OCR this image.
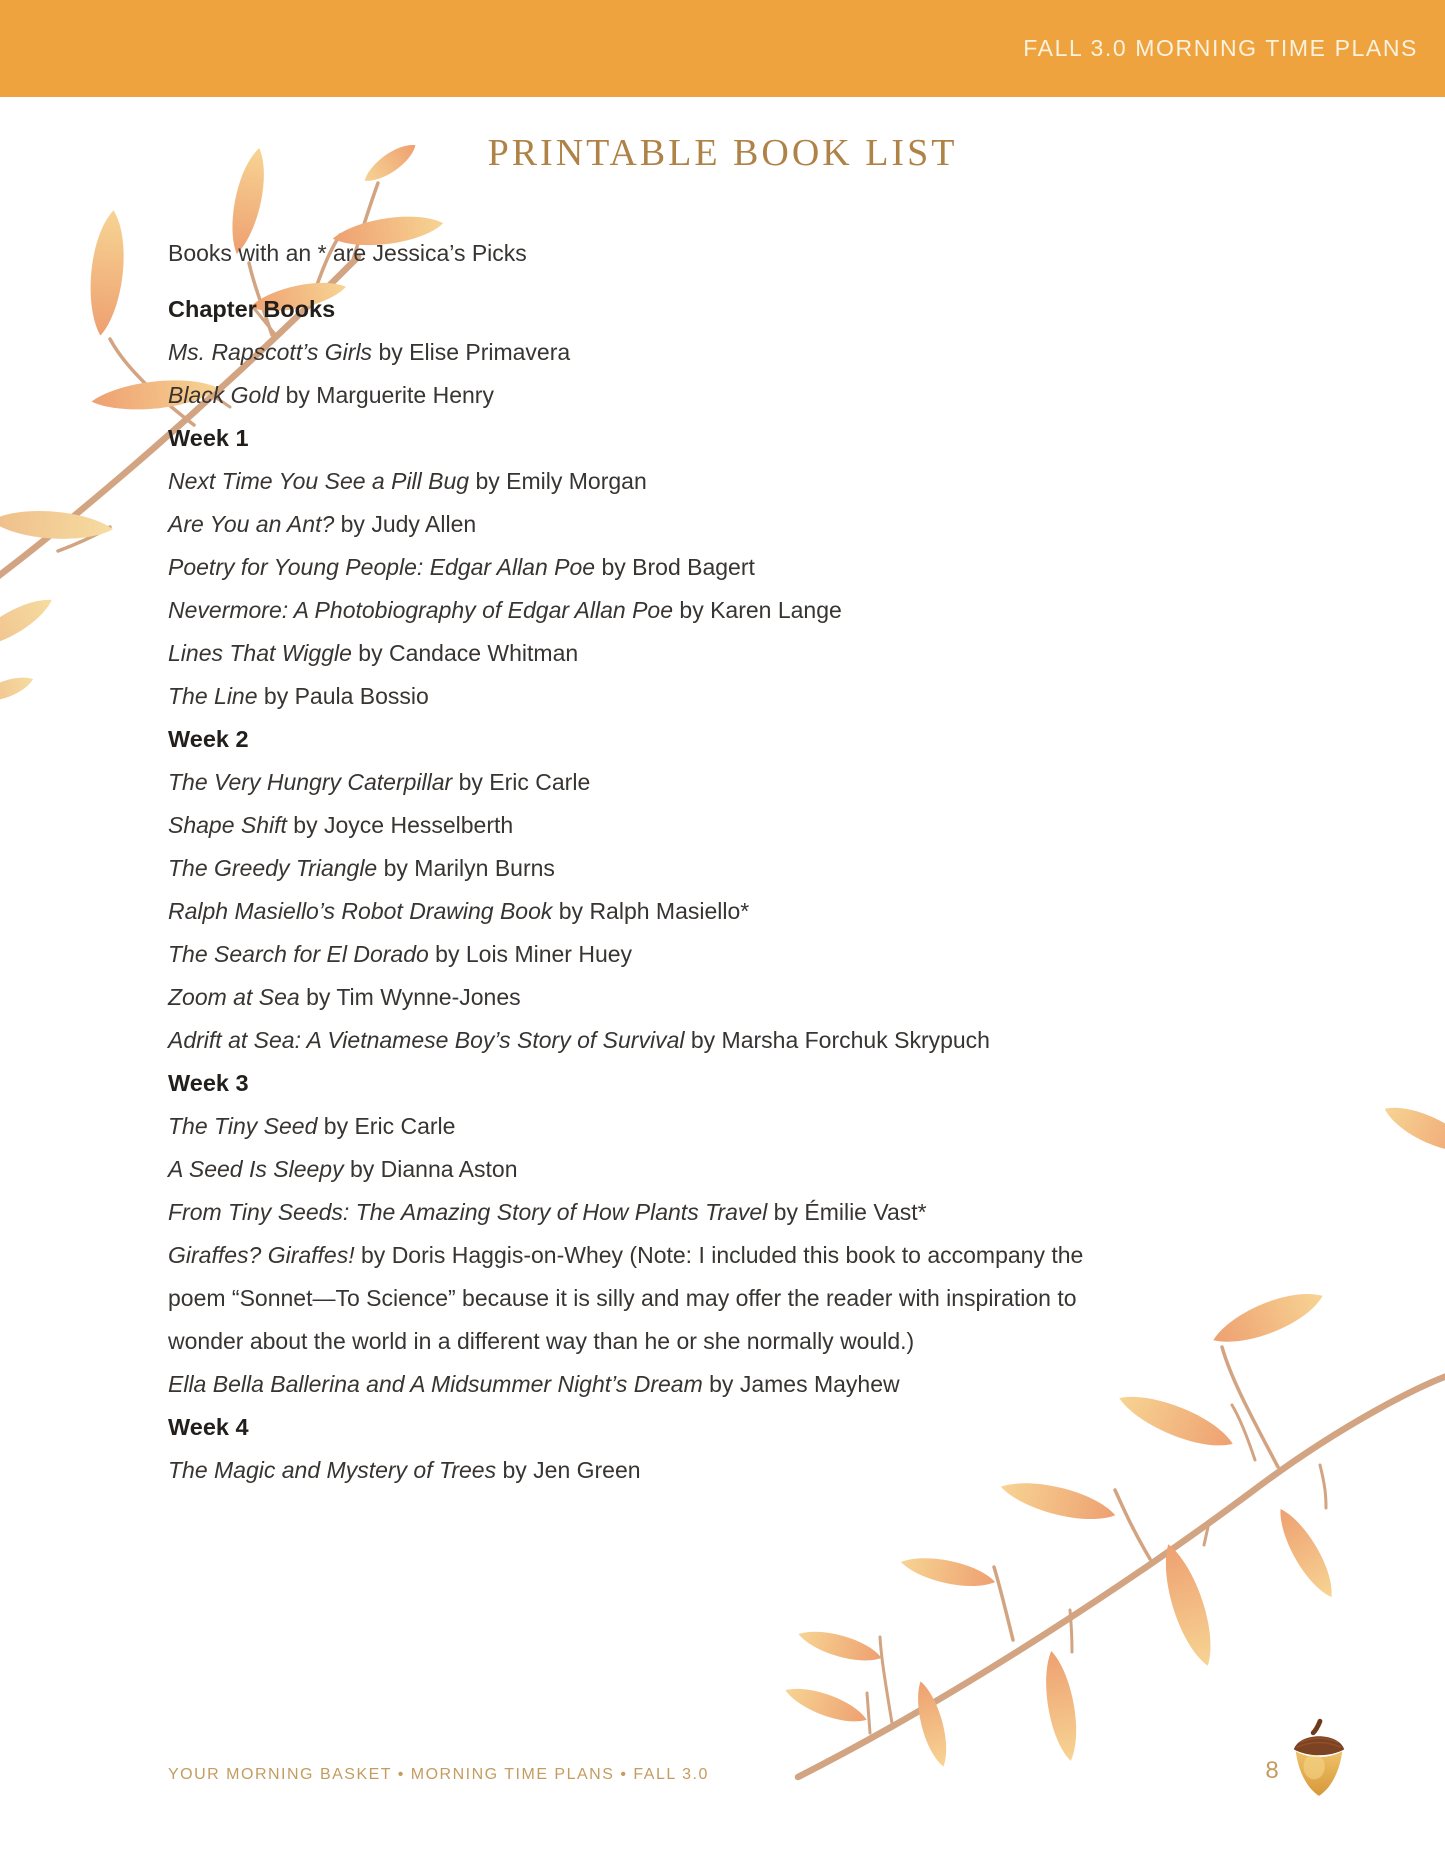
FALL 3.0 MORNING TIME PLANS
PRINTABLE BOOK LIST

Books with an * are Jessica’s Picks

Chapter Books

Ms. Rapscott’s Girls by Elise Primavera

Black Gold by Marguerite Henry

Week 1

Next Time You See a Pill Bug by Emily Morgan

Are You an Ant? by Judy Allen

Poetry for Young People: Edgar Allan Poe by Brod Bagert

Nevermore: A Photobiography of Edgar Allan Poe by Karen Lange

Lines That Wiggle by Candace Whitman

The Line by Paula Bossio

Week 2

The Very Hungry Caterpillar by Eric Carle

Shape Shift by Joyce Hesselberth

The Greedy Triangle by Marilyn Burns

Ralph Masiello’s Robot Drawing Book by Ralph Masiello*

The Search for El Dorado by Lois Miner Huey

Zoom at Sea by Tim Wynne-Jones

Adrift at Sea: A Vietnamese Boy’s Story of Survival by Marsha Forchuk Skrypuch

Week 3

The Tiny Seed by Eric Carle

A Seed Is Sleepy by Dianna Aston

From Tiny Seeds: The Amazing Story of How Plants Travel by Émilie Vast*

Giraffes? Giraffes! by Doris Haggis-on-Whey (Note: I included this book to accompany the

poem “Sonnet—To Science” because it is silly and may offer the reader with inspiration to

wonder about the world in a different way than he or she normally would.)

Ella Bella Ballerina and A Midsummer Night’s Dream by James Mayhew

Week 4

The Magic and Mystery of Trees by Jen Green

YOUR MORNING BASKET • MORNING TIME PLANS • FALL 3.0	8
